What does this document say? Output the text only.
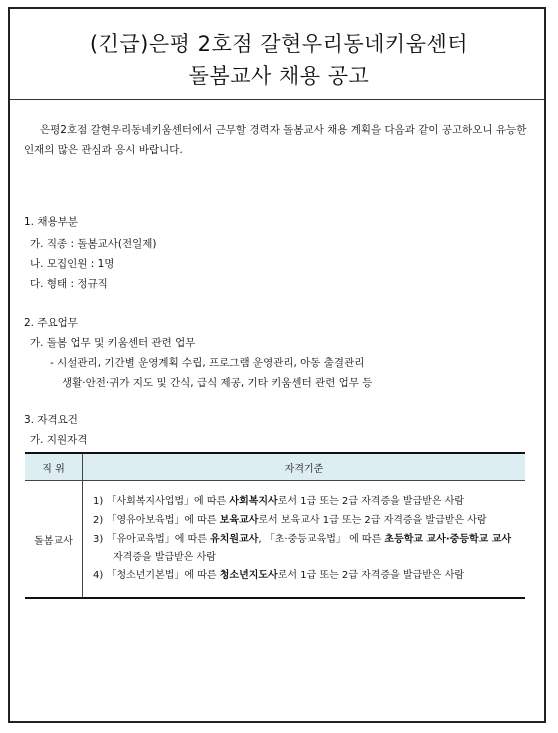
(긴급)은평 2호점 갈현우리동네키움센터
돌봄교사 채용 공고
은평2호점 갈현우리동네키움센터에서 근무할 경력자 돌봄교사 채용 계획을 다음과 같이 공고하오니 유능한 인재의 많은 관심과 응시 바랍니다.
1. 채용부분
가. 직종 : 돌봄교사(전일제)
나. 모집인원 : 1명
다. 형태 : 정규직
2. 주요업무
가. 돌봄 업무 및 키움센터 관련 업무
- 시설관리, 기간별 운영계획 수립, 프로그램 운영관리, 아동 출결관리
생활·안전·귀가 지도 및 간식, 급식 제공, 기타 키움센터 관련 업무 등
3. 자격요건
가. 지원자격
직 위	자격기준
돌봄교사	1) 「사회복지사업법」에 따른 사회복지사로서 1급 또는 2급 자격증을 발급받은 사람
2) 「영유아보육법」에 따른 보육교사로서 보육교사 1급 또는 2급 자격증을 발급받은 사람
3) 「유아교육법」에 따른 유치원교사, 「초·중등교육법」 에 따른 초등학교 교사·중등학교 교사
자격증을 발급받은 사람
4) 「청소년기본법」에 따른 청소년지도사로서 1급 또는 2급 자격증을 발급받은 사람
